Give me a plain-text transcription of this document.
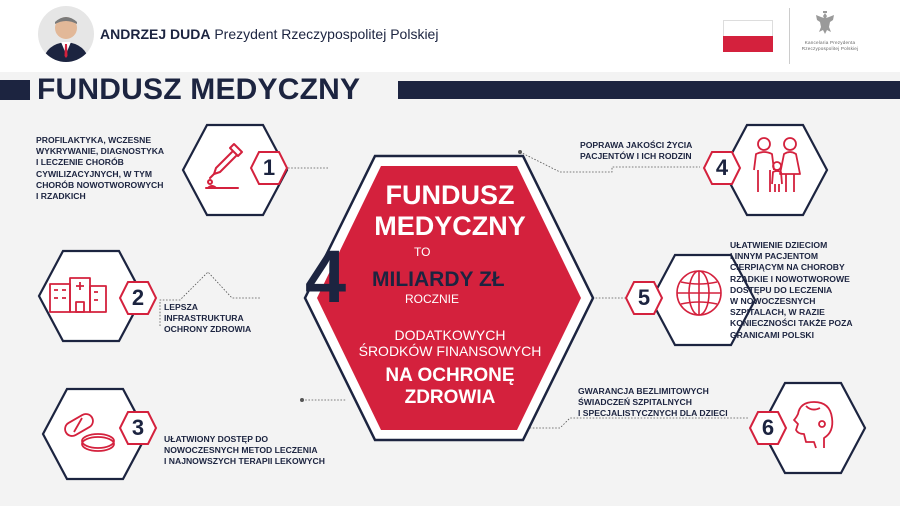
ANDRZEJ DUDA Prezydent Rzeczypospolitej Polskiej
Kancelaria Prezydenta
Rzeczypospolitej Polskiej
FUNDUSZ MEDYCZNY
FUNDUSZ
MEDYCZNY
TO
4 MILIARDY ZŁ
ROCZNIE
DODATKOWYCH
ŚRODKÓW FINANSOWYCH
NA OCHRONĘ
ZDROWIA
1
PROFILAKTYKA, WCZESNE
WYKRYWANIE, DIAGNOSTYKA
I LECZENIE CHORÓB
CYWILIZACYJNYCH, W TYM
CHORÓB NOWOTWOROWYCH
I RZADKICH
2	LEPSZA
INFRASTRUKTURA
OCHRONY ZDROWIA
3	UŁATWIONY DOSTĘP DO
NOWOCZESNYCH METOD LECZENIA
I NAJNOWSZYCH TERAPII LEKOWYCH
4
POPRAWA JAKOŚCI ŻYCIA
PACJENTÓW I ICH RODZIN
5
UŁATWIENIE DZIECIOM
I INNYM PACJENTOM
CIERPIĄCYM NA CHOROBY
RZADKIE I NOWOTWOROWE
DOSTĘPU DO LECZENIA
W NOWOCZESNYCH
SZPITALACH, W RAZIE
KONIECZNOŚCI TAKŻE POZA
GRANICAMI POLSKI
6
GWARANCJA BEZLIMITOWYCH
ŚWIADCZEŃ SZPITALNYCH
I SPECJALISTYCZNYCH DLA DZIECI
